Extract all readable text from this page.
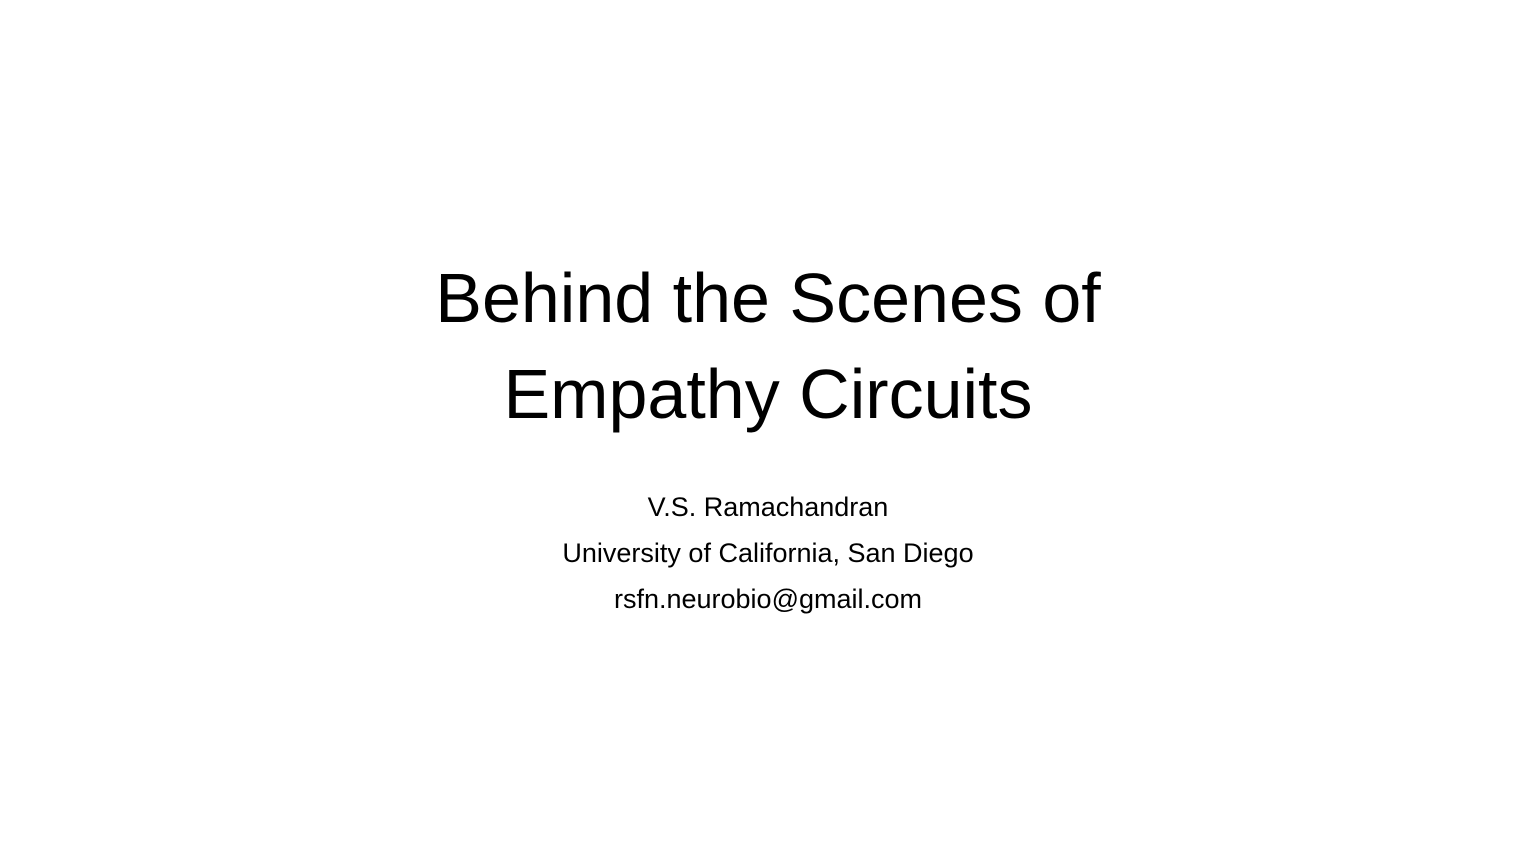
Behind the Scenes of
Empathy Circuits
V.S. Ramachandran
University of California, San Diego
rsfn.neurobio@gmail.com
